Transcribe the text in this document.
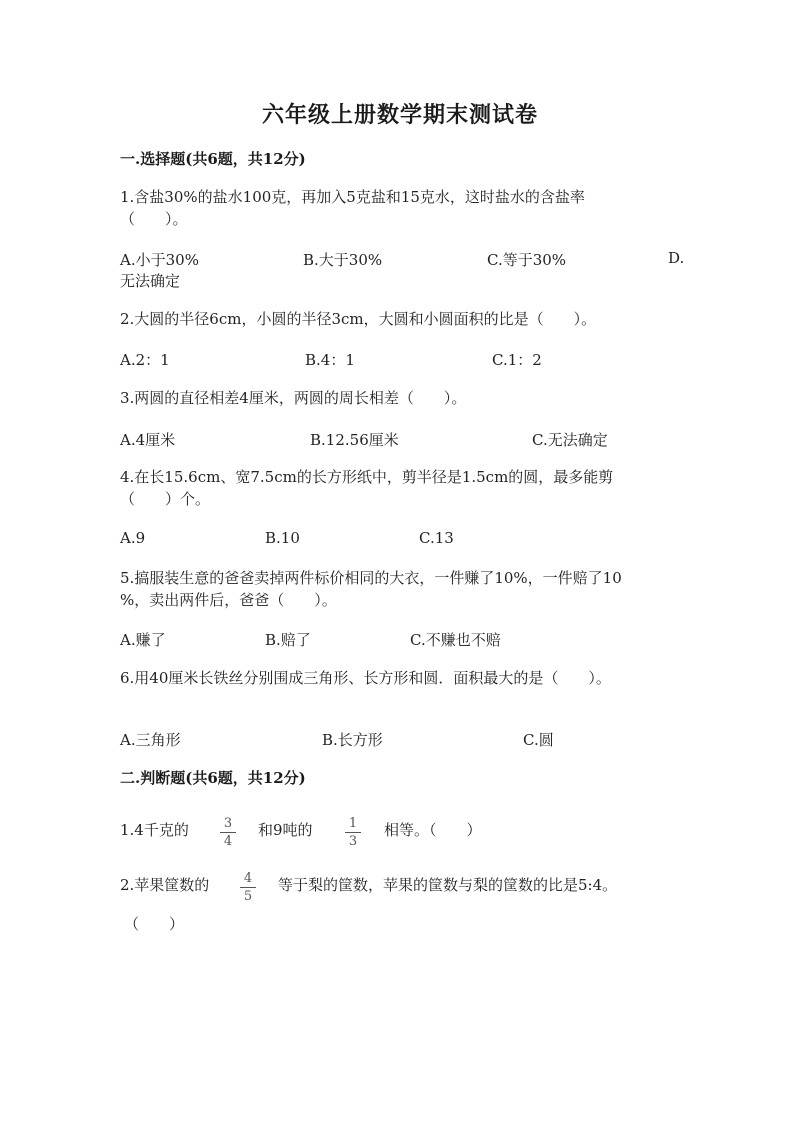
六年级上册数学期末测试卷
一.选择题(共6题，共12分)
1.含盐30%的盐水100克，再加入5克盐和15克水，这时盐水的含盐率
（　　）。
A.小于30%	B.大于30%	C.等于30%	D.
无法确定
2.大圆的半径6cm，小圆的半径3cm，大圆和小圆面积的比是（　　）。
A.2：1	B.4：1	C.1：2
3.两圆的直径相差4厘米，两圆的周长相差（　　）。
A.4厘米	B.12.56厘米	C.无法确定
4.在长15.6cm、宽7.5cm的长方形纸中，剪半径是1.5cm的圆，最多能剪
（　　）个。
A.9	B.10	C.13
5.搞服装生意的爸爸卖掉两件标价相同的大衣，一件赚了10%，一件赔了10
%，卖出两件后，爸爸（　　）。
A.赚了	B.赔了	C.不赚也不赔
6.用40厘米长铁丝分别围成三角形、长方形和圆．面积最大的是（　　）。
A.三角形	B.长方形	C.圆
二.判断题(共6题，共12分)
1.4千克的	3
4
和9吨的	1
3
相等。（　　）
2.苹果筐数的	4
5
等于梨的筐数，苹果的筐数与梨的筐数的比是5:4。
（　　）
